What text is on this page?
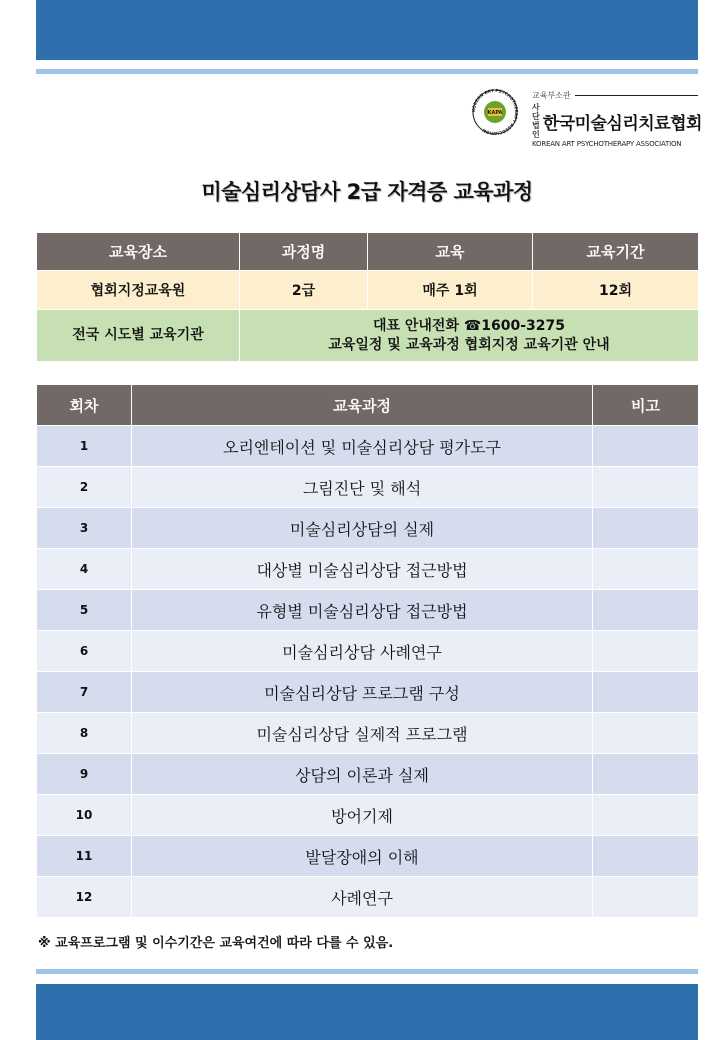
KOREAN ART PSYCHOTHERAPY ASSOCIATION
KAPA
교육부소관
사단
법인
한국미술심리치료협회
KOREAN ART PSYCHOTHERAPY ASSOCIATION
미술심리상담사 2급 자격증 교육과정
교육장소	과정명	교육	교육기간
협회지정교육원	2급	매주 1회	12회
전국 시도별 교육기관	대표 안내전화 ☎1600-3275
교육일정 및 교육과정 협회지정 교육기관 안내		
회차	교육과정	비고
1	오리엔테이션 및 미술심리상담 평가도구	
2	그림진단 및 해석	
3	미술심리상담의 실제	
4	대상별 미술심리상담 접근방법	
5	유형별 미술심리상담 접근방법	
6	미술심리상담 사례연구	
7	미술심리상담 프로그램 구성	
8	미술심리상담 실제적 프로그램	
9	상담의 이론과 실제	
10	방어기제	
11	발달장애의 이해	
12	사례연구	
※ 교육프로그램 및 이수기간은 교육여건에 따라 다를 수 있음.
